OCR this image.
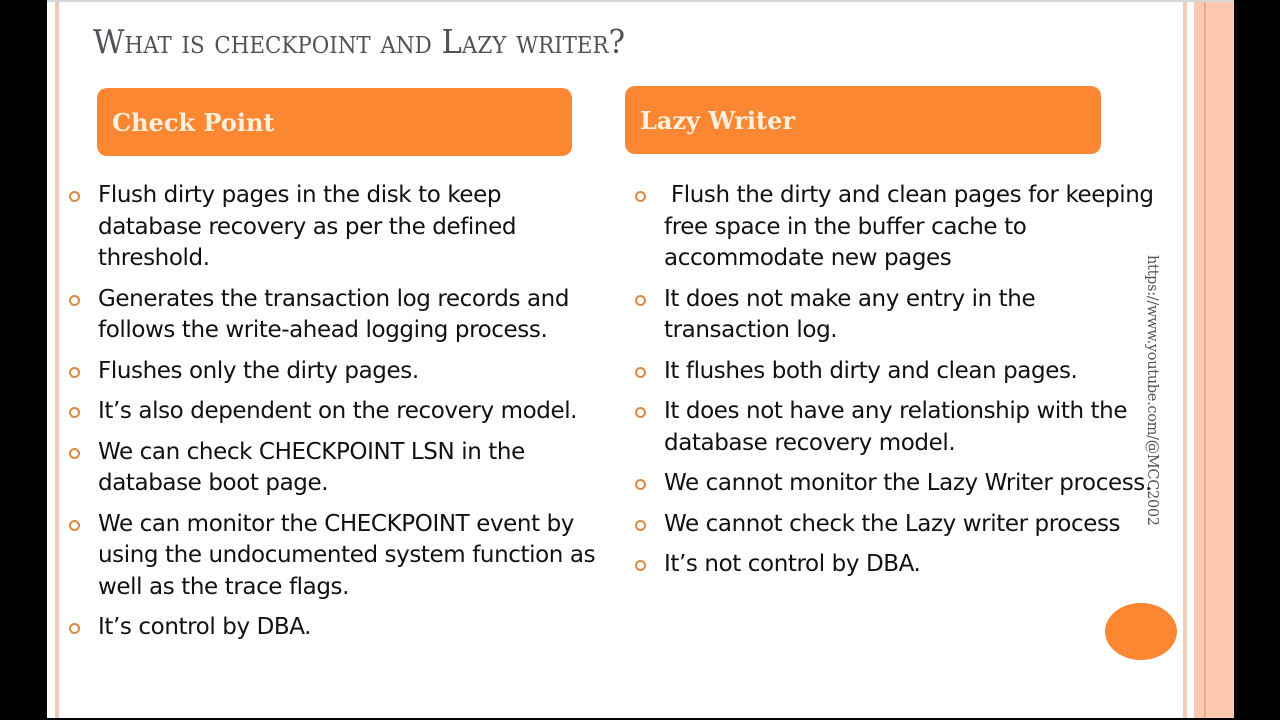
What is checkpoint and Lazy writer?
Check Point	Lazy Writer
Flush dirty pages in the disk to keep database recovery as per the defined threshold.
Generates the transaction log records and follows the write-ahead logging process.
Flushes only the dirty pages.
It’s also dependent on the recovery model.
We can check CHECKPOINT LSN in the database boot page.
We can monitor the CHECKPOINT event by using the undocumented system function as well as the trace flags.
It’s control by DBA.
Flush the dirty and clean pages for keeping free space in the buffer cache to accommodate new pages
It does not make any entry in the transaction log.
It flushes both dirty and clean pages.
It does not have any relationship with the database recovery model.
We cannot monitor the Lazy Writer process.
We cannot check the Lazy writer process
It’s not control by DBA.
https://www.youtube.com/@MCC2002
